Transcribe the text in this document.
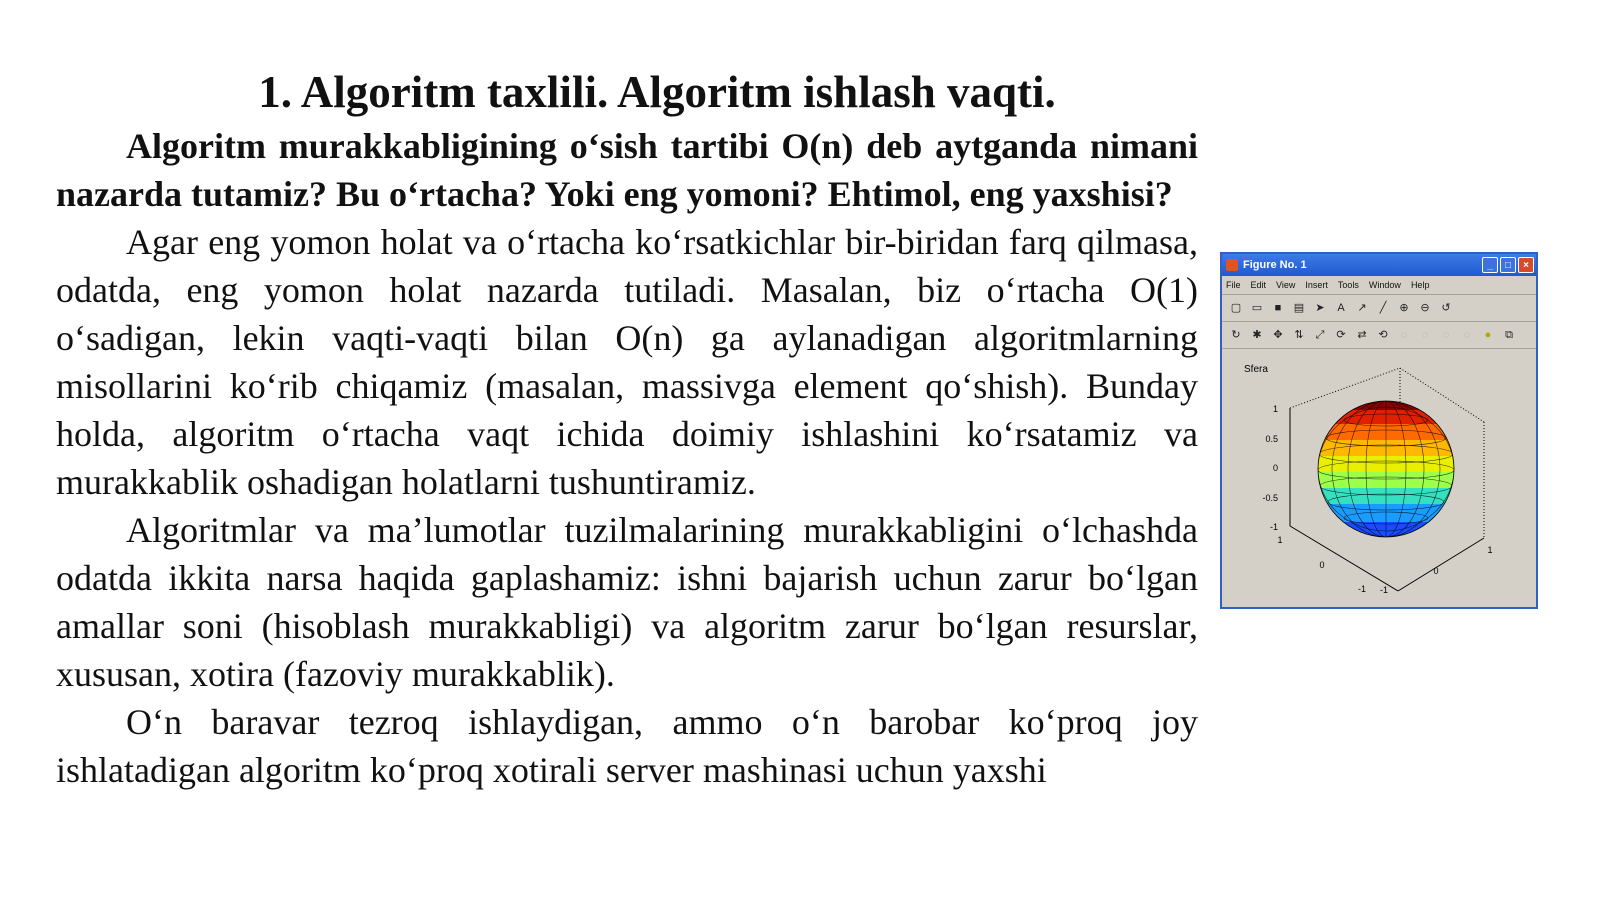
1. Algoritm taxlili. Algoritm ishlash vaqti.

Algoritm murakkabligining o‘sish tartibi O(n) deb aytganda nimani nazarda tutamiz? Bu o‘rtacha? Yoki eng yomoni? Ehtimol, eng yaxshisi?

Agar eng yomon holat va o‘rtacha ko‘rsatkichlar bir-biridan farq qilmasa, odatda, eng yomon holat nazarda tutiladi. Masalan, biz o‘rtacha O(1) o‘sadigan, lekin vaqti-vaqti bilan O(n) ga aylanadigan algoritmlarning misollarini ko‘rib chiqamiz (masalan, massivga element qo‘shish). Bunday holda, algoritm o‘rtacha vaqt ichida doimiy ishlashini ko‘rsatamiz va murakkablik oshadigan holatlarni tushuntiramiz.

Algoritmlar va ma’lumotlar tuzilmalarining murakkabligini o‘lchashda odatda ikkita narsa haqida gaplashamiz: ishni bajarish uchun zarur bo‘lgan amallar soni (hisoblash murakkabligi) va algoritm zarur bo‘lgan resurslar, xususan, xotira (fazoviy murakkablik).

O‘n baravar tezroq ishlaydigan, ammo o‘n barobar ko‘proq joy ishlatadigan algoritm ko‘proq xotirali server mashinasi uchun yaxshi

Figure No. 1	_	□	×
File Edit View Insert Tools Window Help
▢ ▭	■	▤	➤	A	↗	╱	⊕	⊖	↺
↻	✱	✥	⇅	⤢	⟳	⇄	⟲	◌	◌	◌	◌	●	⧉
Sfera
1
0.5
0
-0.5
-1
1
0
-1
1
0
-1
